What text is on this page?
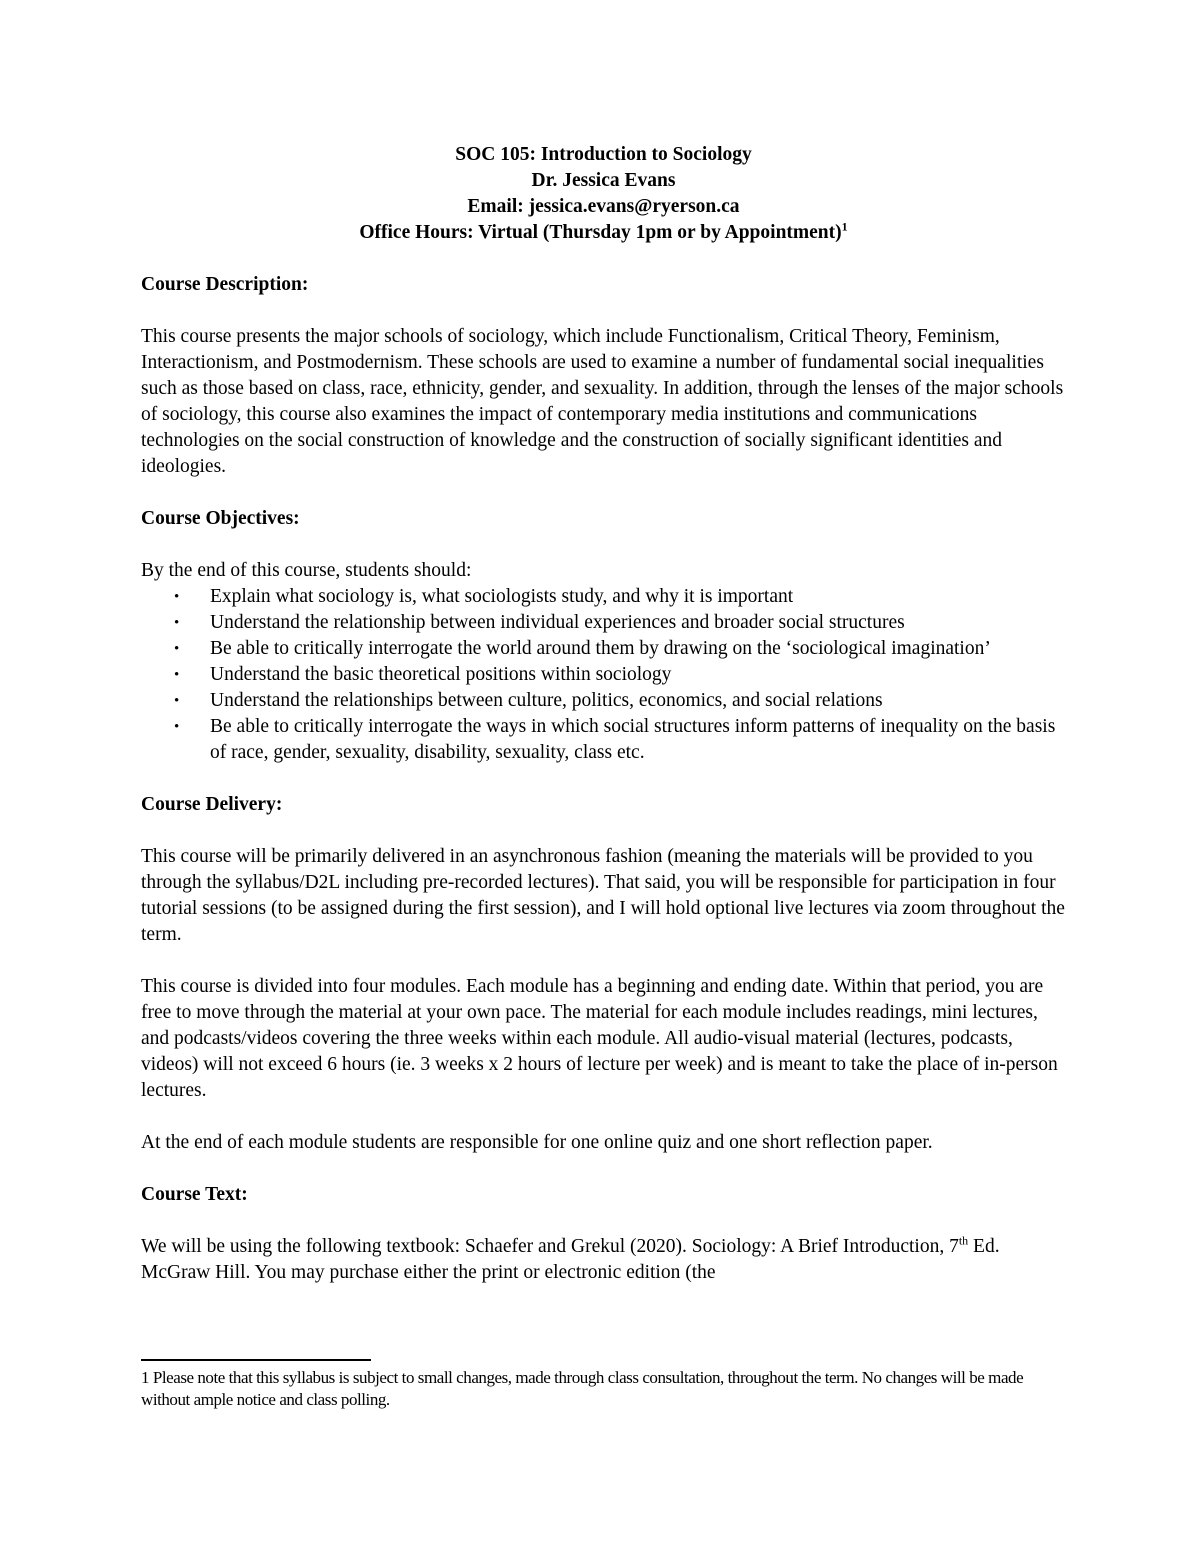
SOC 105: Introduction to Sociology
Dr. Jessica Evans
Email: jessica.evans@ryerson.ca
Office Hours: Virtual (Thursday 1pm or by Appointment)$^1$

Course Description:

This course presents the major schools of sociology, which include Functionalism, Critical Theory, Feminism, Interactionism, and Postmodernism. These schools are used to examine a number of fundamental social inequalities such as those based on class, race, ethnicity, gender, and sexuality. In addition, through the lenses of the major schools of sociology, this course also examines the impact of contemporary media institutions and communications technologies on the social construction of knowledge and the construction of socially significant identities and ideologies.

Course Objectives:

By the end of this course, students should:

• Explain what sociology is, what sociologists study, and why it is important
• Understand the relationship between individual experiences and broader social structures
• Be able to critically interrogate the world around them by drawing on the ‘sociological imagination’
• Understand the basic theoretical positions within sociology
• Understand the relationships between culture, politics, economics, and social relations
• Be able to critically interrogate the ways in which social structures inform patterns of inequality on the basis of race, gender, sexuality, disability, sexuality, class etc.

Course Delivery:

This course will be primarily delivered in an asynchronous fashion (meaning the materials will be provided to you through the syllabus/D2L including pre-recorded lectures). That said, you will be responsible for participation in four tutorial sessions (to be assigned during the first session), and I will hold optional live lectures via zoom throughout the term.

This course is divided into four modules. Each module has a beginning and ending date. Within that period, you are free to move through the material at your own pace. The material for each module includes readings, mini lectures, and podcasts/videos covering the three weeks within each module. All audio-visual material (lectures, podcasts, videos) will not exceed 6 hours (ie. 3 weeks x 2 hours of lecture per week) and is meant to take the place of in-person lectures.

At the end of each module students are responsible for one online quiz and one short reflection paper.

Course Text:

We will be using the following textbook: Schaefer and Grekul (2020). Sociology: A Brief Introduction, 7th Ed. McGraw Hill. You may purchase either the print or electronic edition (the

1 Please note that this syllabus is subject to small changes, made through class consultation, throughout the term. No changes will be made without ample notice and class polling.
